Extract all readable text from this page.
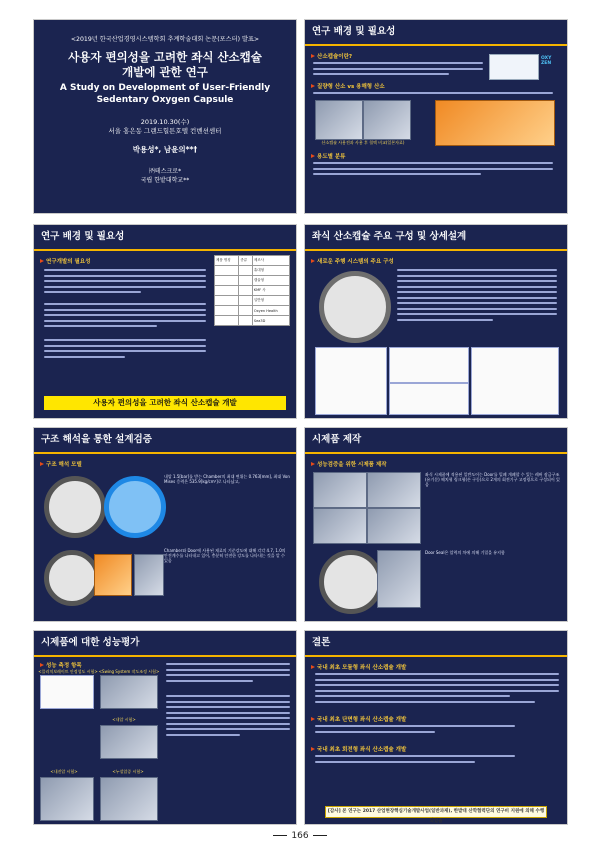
<2019년 한국산업경영시스템학회 추계학술대회 논문(포스터) 발표>
사용자 편의성을 고려한 좌식 산소캡슐
개발에 관한 연구
A Study on Development of User-Friendly
Sedentary Oxygen Capsule
2019.10.30(수)
서울 홍은동 그랜드힐튼호텔 컨벤션센터
박용성*, 남윤의**†
㈜테스크로*
국립 한밭대학교**
연구 배경 및 필요성
산소캡슐이란?	OXY ZEN
질량형 산소 vs 용해형 산소
산소캡슐 사용전과 사용 후 혈액 비교(일본자료)
용도별 분류
연구 배경 및 필요성
연구개발의 필요성	제품 명칭	종류	제조사
		휴대형
		캡슐형
		KMF 사
		일반형
		Oxyen Health
		Sea3D
사용자 편의성을 고려한 좌식 산소캡슐 개발
좌식 산소캡슐 주요 구성 및 상세설계
새로운 주행 시스템의 주요 구성
구조 해석을 통한 설계검증
구조 해석 모델
내압 1.5[bar]를 받는 Chamber의 최대 변위는 0.763[mm], 최대 Von Mises 응력은 535.9[kg/cm²]로 나타났고,
Chamber와 Door에 사용된 재료의 기준강도에 대해 각각 4.7, 1.0의 안전계수를 나타내고 있어, 충분히 안전한 강도를 나타내는 것을 알 수 있음
시제품 제작
성능검증을 위한 시제품 제작
좌식 시제품에 적용된 일반도어는 Door를 밀폐 개폐할 수 있는 레버 잠금구조(유기문) 해치형 링크형(손 구동)으로 2개의 회전기구 고정링으로 구성되어 있음
Door Seal은 압력의 차에 의해 기밀을 유지함
시제품에 대한 성능평가
성능 측정 항목
<플러치보레이트 안정성도 시험> <Swing System 작도조정 시험>
<내압 시험>
<내진압 시험>	<누설압증 시험>
결론
국내 최초 모듈형 좌식 산소캡슐 개발
국내 최초 단면형 좌식 산소캡슐 개발
국내 최초 회전형 좌식 산소캡슐 개발
[감사] 본 연구는 2017 산업현장핵심기술개발사업(일반과제), 한밭대 산학협력단의 연구비 지원에 의해 수행되었음
166
